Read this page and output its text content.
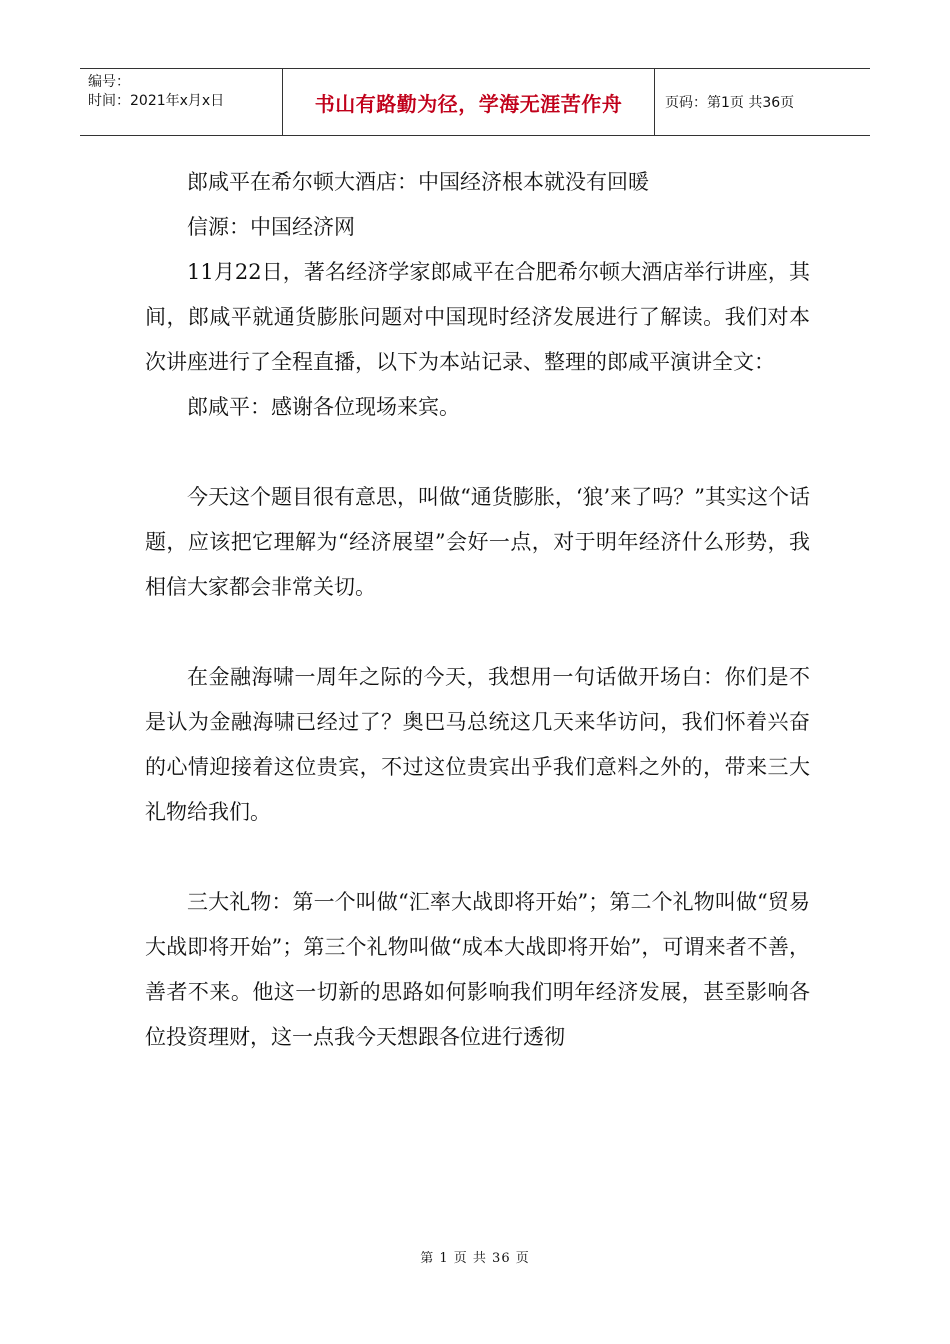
编号：
时间：2021年x月x日	书山有路勤为径，学海无涯苦作舟	页码：第1页 共36页

郎咸平在希尔顿大酒店：中国经济根本就没有回暖

信源：中国经济网

11月22日，著名经济学家郎咸平在合肥希尔顿大酒店举行讲座，其间，郎咸平就通货膨胀问题对中国现时经济发展进行了解读。我们对本次讲座进行了全程直播，以下为本站记录、整理的郎咸平演讲全文：

郎咸平：感谢各位现场来宾。

今天这个题目很有意思，叫做“通货膨胀，‘狼’来了吗？”其实这个话题，应该把它理解为“经济展望”会好一点，对于明年经济什么形势，我相信大家都会非常关切。

在金融海啸一周年之际的今天，我想用一句话做开场白：你们是不是认为金融海啸已经过了？奥巴马总统这几天来华访问，我们怀着兴奋的心情迎接着这位贵宾，不过这位贵宾出乎我们意料之外的，带来三大礼物给我们。

三大礼物：第一个叫做“汇率大战即将开始”；第二个礼物叫做“贸易大战即将开始”；第三个礼物叫做“成本大战即将开始”，可谓来者不善，善者不来。他这一切新的思路如何影响我们明年经济发展，甚至影响各位投资理财，这一点我今天想跟各位进行透彻

第 1 页 共 36 页
